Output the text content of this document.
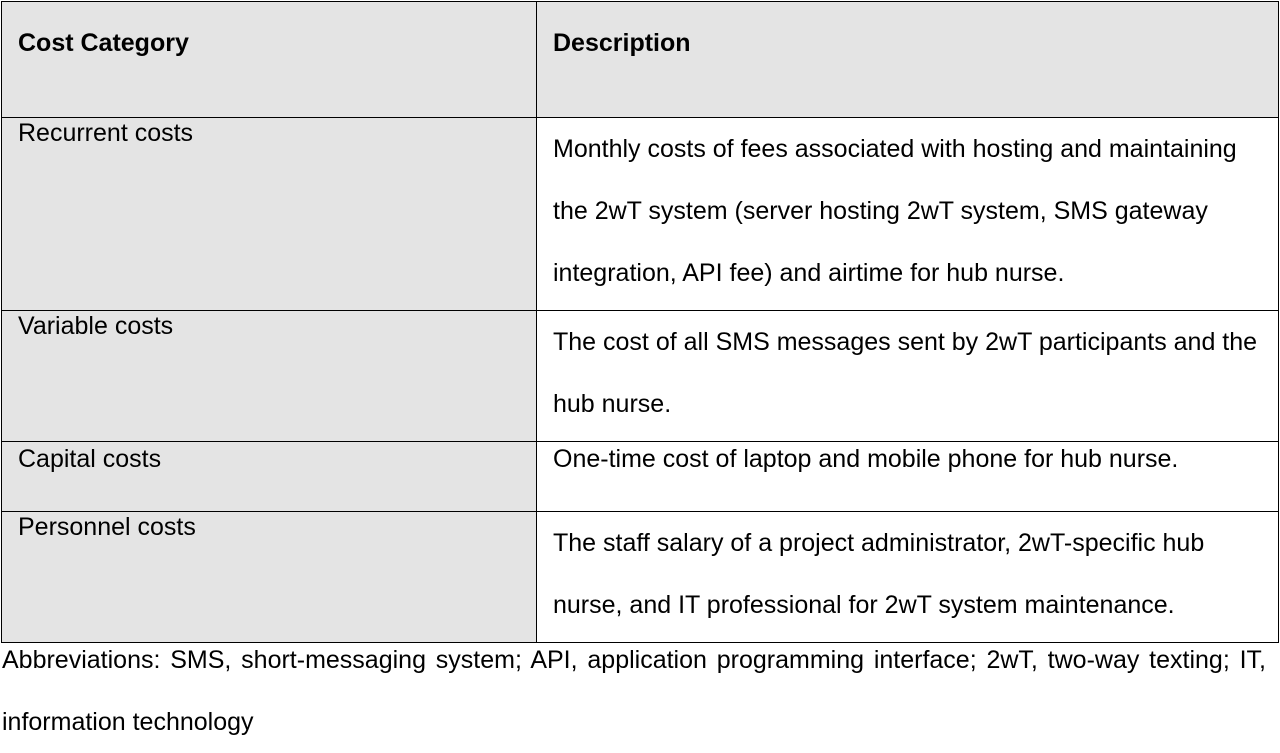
Cost Category	Description
Recurrent costs	Monthly costs of fees associated with hosting and maintaining the 2wT system (server hosting 2wT system, SMS gateway integration, API fee) and airtime for hub nurse.
Variable costs	The cost of all SMS messages sent by 2wT participants and the hub nurse.
Capital costs	One-time cost of laptop and mobile phone for hub nurse.
Personnel costs	The staff salary of a project administrator, 2wT-specific hub nurse, and IT professional for 2wT system maintenance.
Abbreviations: SMS, short-messaging system; API, application programming interface; 2wT, two-way texting; IT, information technology
